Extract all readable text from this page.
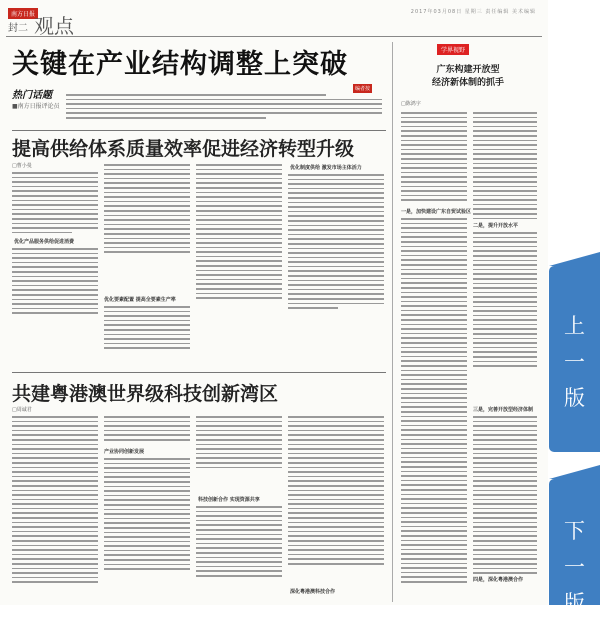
南方日报
封二 观点
2017年03月08日 星期三 责任编辑 美术编辑
关键在产业结构调整上突破
热门话题
■南方日报评论员
编者按
提高供给体系质量效率促进经济转型升级
□曹小曼
优化产品服务供给促进消费
优化要素配置 提高全要素生产率
优化制度供给 激发市场主体活力
共建粤港澳世界级科技创新湾区
□周诚君
产业协同创新发展
科技创新合作 实现资源共享
深化粤港澳科技合作
学界视野
广东构建开放型
经济新体制的抓手
□陈鸿宇
一是，加快建设广东自贸试验区
二是，提升开放水平
三是，完善开放型经济体制
四是，深化粤港澳合作
上
一
版
下
一
版
